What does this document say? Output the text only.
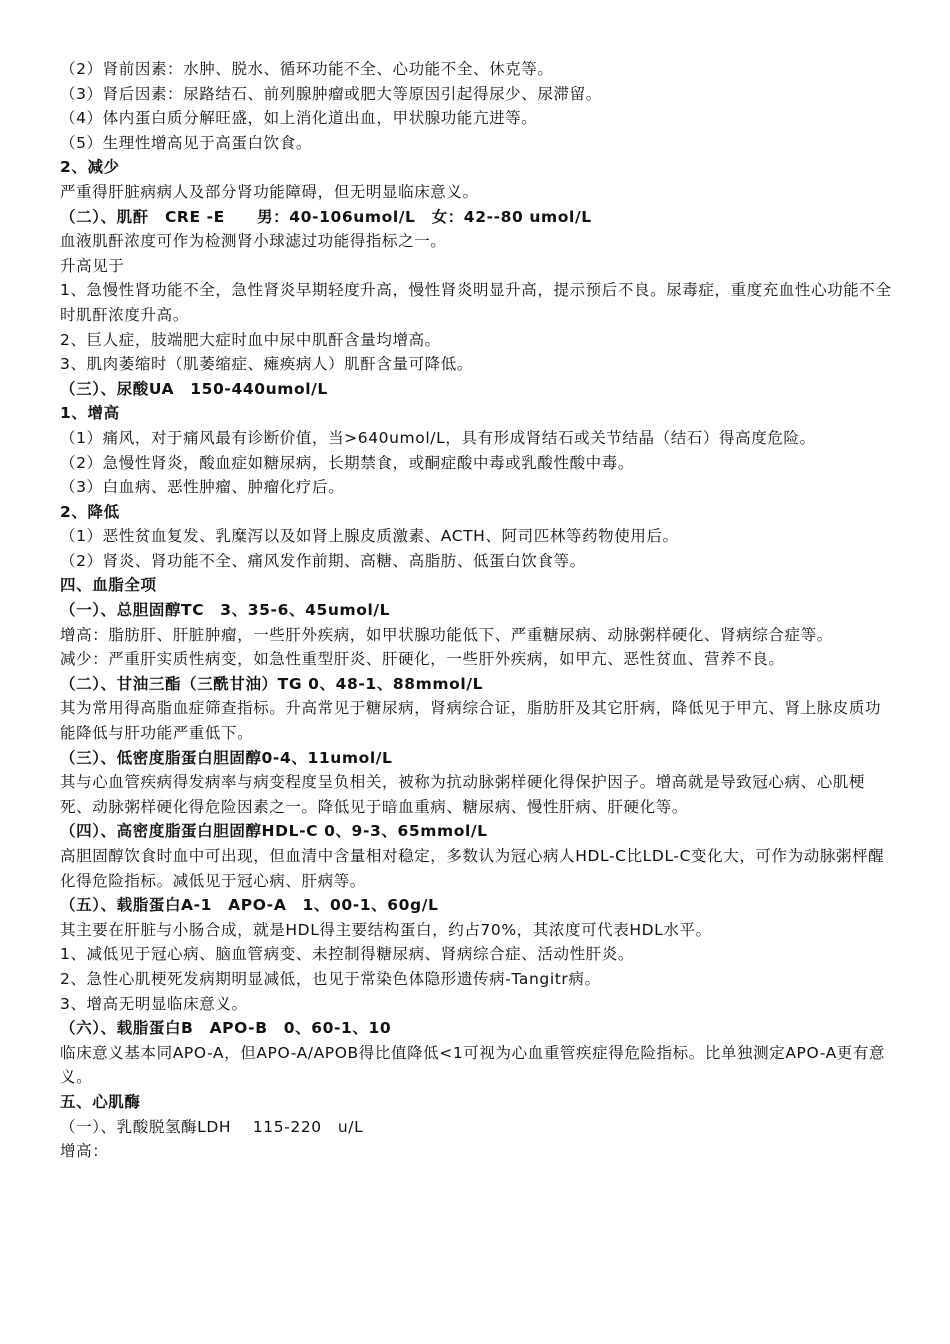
（2）肾前因素：水肿、脱水、循环功能不全、心功能不全、休克等。

（3）肾后因素：尿路结石、前列腺肿瘤或肥大等原因引起得尿少、尿滞留。

（4）体内蛋白质分解旺盛，如上消化道出血，甲状腺功能亢进等。

（5）生理性增高见于高蛋白饮食。

2、减少

严重得肝脏病病人及部分肾功能障碍，但无明显临床意义。

（二）、肌酐　CRE -E　　男：40-106umol/L　女：42--80 umol/L

血液肌酐浓度可作为检测肾小球滤过功能得指标之一。

升高见于

1、急慢性肾功能不全，急性肾炎早期轻度升高，慢性肾炎明显升高，提示预后不良。尿毒症，重度充血性心功能不全时肌酐浓度升高。

2、巨人症，肢端肥大症时血中尿中肌酐含量均增高。

3、肌肉萎缩时（肌萎缩症、瘫痪病人）肌酐含量可降低。

（三）、尿酸UA　150-440umol/L

1、增高

（1）痛风，对于痛风最有诊断价值，当>640umol/L，具有形成肾结石或关节结晶（结石）得高度危险。

（2）急慢性肾炎，酸血症如糖尿病，长期禁食，或酮症酸中毒或乳酸性酸中毒。

（3）白血病、恶性肿瘤、肿瘤化疗后。

2、降低

（1）恶性贫血复发、乳糜泻以及如肾上腺皮质激素、ACTH、阿司匹林等药物使用后。

（2）肾炎、肾功能不全、痛风发作前期、高糖、高脂肪、低蛋白饮食等。

四、血脂全项

（一）、总胆固醇TC　3、35-6、45umol/L

增高：脂肪肝、肝脏肿瘤，一些肝外疾病，如甲状腺功能低下、严重糖尿病、动脉粥样硬化、肾病综合症等。

减少：严重肝实质性病变，如急性重型肝炎、肝硬化，一些肝外疾病，如甲亢、恶性贫血、营养不良。

（二）、甘油三酯（三酰甘油）TG 0、48-1、88mmol/L

其为常用得高脂血症筛查指标。升高常见于糖尿病，肾病综合证，脂肪肝及其它肝病，降低见于甲亢、肾上脉皮质功能降低与肝功能严重低下。

（三）、低密度脂蛋白胆固醇0-4、11umol/L

其与心血管疾病得发病率与病变程度呈负相关，被称为抗动脉粥样硬化得保护因子。增高就是导致冠心病、心肌梗死、动脉粥样硬化得危险因素之一。降低见于暗血重病、糖尿病、慢性肝病、肝硬化等。

（四）、高密度脂蛋白胆固醇HDL-C 0、9-3、65mmol/L

高胆固醇饮食时血中可出现，但血清中含量相对稳定，多数认为冠心病人HDL-C比LDL-C变化大，可作为动脉粥枰醒化得危险指标。减低见于冠心病、肝病等。

（五）、载脂蛋白A-1　APO-A　1、00-1、60g/L

其主要在肝脏与小肠合成，就是HDL得主要结构蛋白，约占70%，其浓度可代表HDL水平。

1、减低见于冠心病、脑血管病变、未控制得糖尿病、肾病综合症、活动性肝炎。

2、急性心肌梗死发病期明显减低，也见于常染色体隐形遗传病-Tangitr病。

3、增高无明显临床意义。

（六）、载脂蛋白B　APO-B　0、60-1、10

临床意义基本同APO-A，但APO-A/APOB得比值降低<1可视为心血重管疾症得危险指标。比单独测定APO-A更有意义。

五、心肌酶

（一）、乳酸脱氢酶LDH　 115-220　u/L

增高：
